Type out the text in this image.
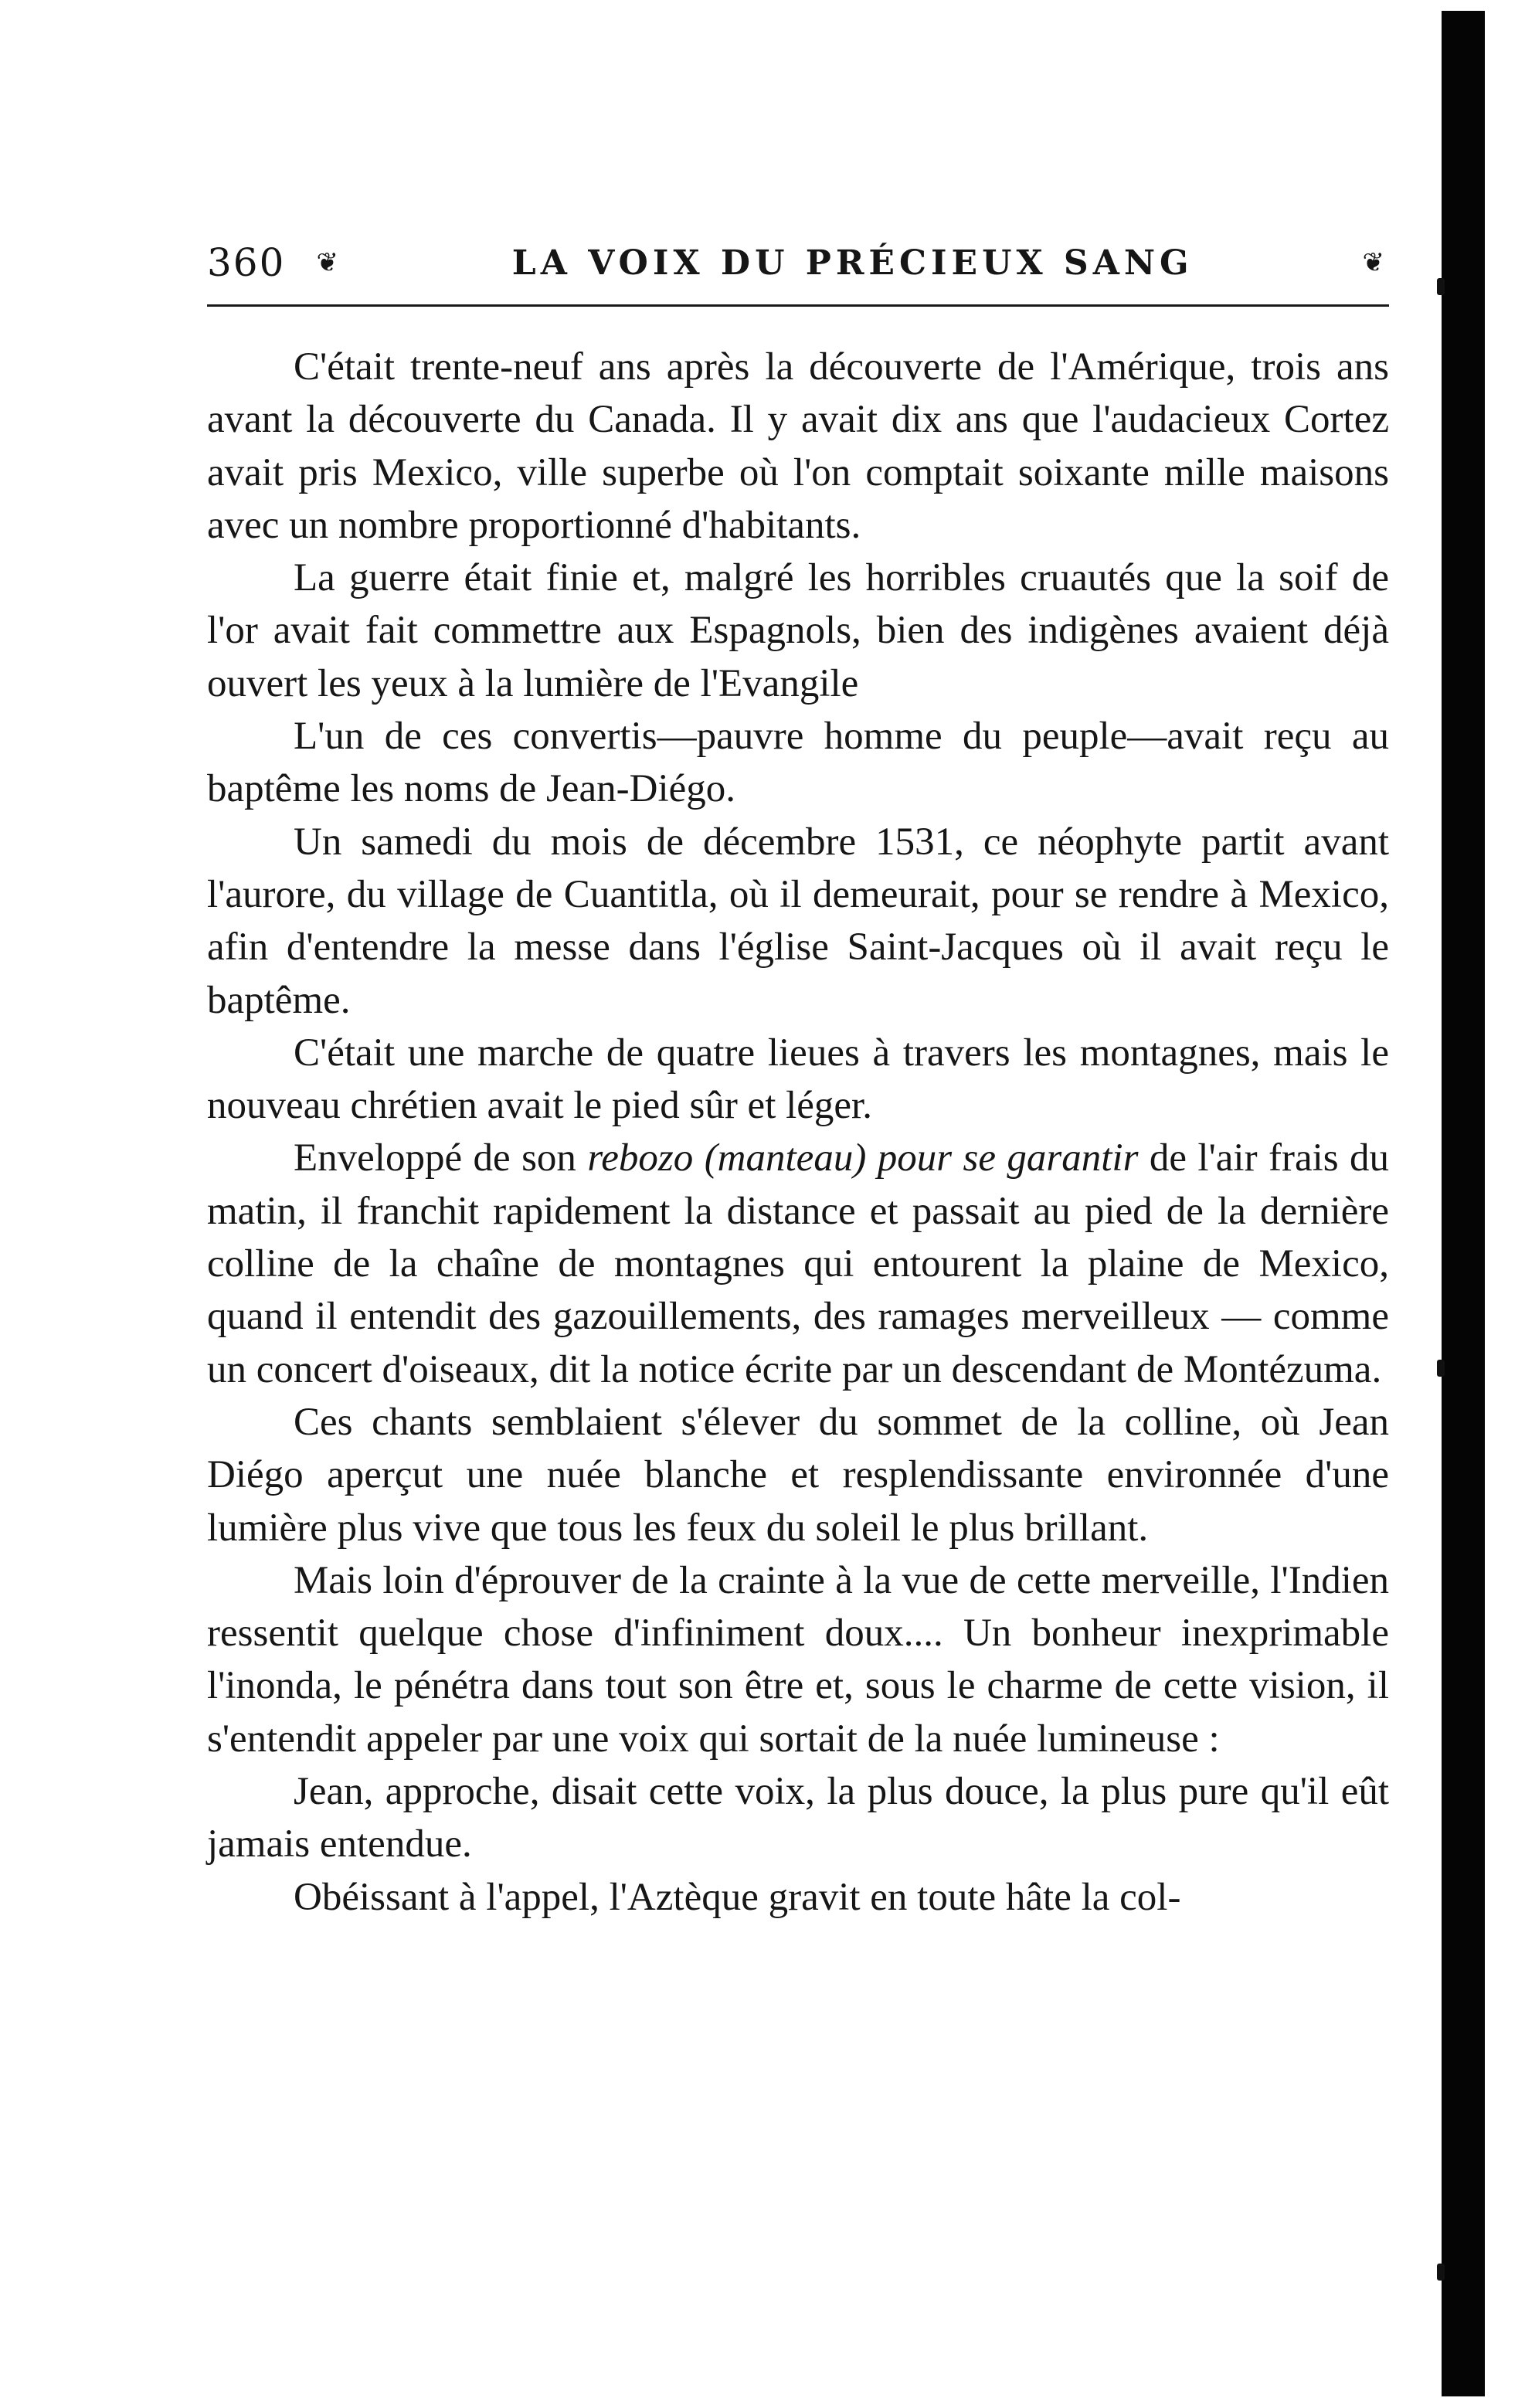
360 ❦	LA VOIX DU PRÉCIEUX SANG	❦

C'était trente-neuf ans après la découverte de l'Amérique, trois ans avant la découverte du Canada. Il y avait dix ans que l'audacieux Cortez avait pris Mexico, ville superbe où l'on comptait soixante mille maisons avec un nombre proportionné d'habitants.

La guerre était finie et, malgré les horribles cruautés que la soif de l'or avait fait commettre aux Espagnols, bien des indigènes avaient déjà ouvert les yeux à la lumière de l'Evangile

L'un de ces convertis—pauvre homme du peuple—avait reçu au baptême les noms de Jean-Diégo.

Un samedi du mois de décembre 1531, ce néophyte partit avant l'aurore, du village de Cuantitla, où il demeurait, pour se rendre à Mexico, afin d'entendre la messe dans l'église Saint-Jacques où il avait reçu le baptême.

C'était une marche de quatre lieues à travers les montagnes, mais le nouveau chrétien avait le pied sûr et léger.

Enveloppé de son rebozo (manteau) pour se garantir de l'air frais du matin, il franchit rapidement la distance et passait au pied de la dernière colline de la chaîne de montagnes qui entourent la plaine de Mexico, quand il entendit des gazouillements, des ramages merveilleux — comme un concert d'oiseaux, dit la notice écrite par un descendant de Montézuma.

Ces chants semblaient s'élever du sommet de la colline, où Jean Diégo aperçut une nuée blanche et resplendissante environnée d'une lumière plus vive que tous les feux du soleil le plus brillant.

Mais loin d'éprouver de la crainte à la vue de cette merveille, l'Indien ressentit quelque chose d'infiniment doux.... Un bonheur inexprimable l'inonda, le pénétra dans tout son être et, sous le charme de cette vision, il s'entendit appeler par une voix qui sortait de la nuée lumineuse :

Jean, approche, disait cette voix, la plus douce, la plus pure qu'il eût jamais entendue.

Obéissant à l'appel, l'Aztèque gravit en toute hâte la col-
